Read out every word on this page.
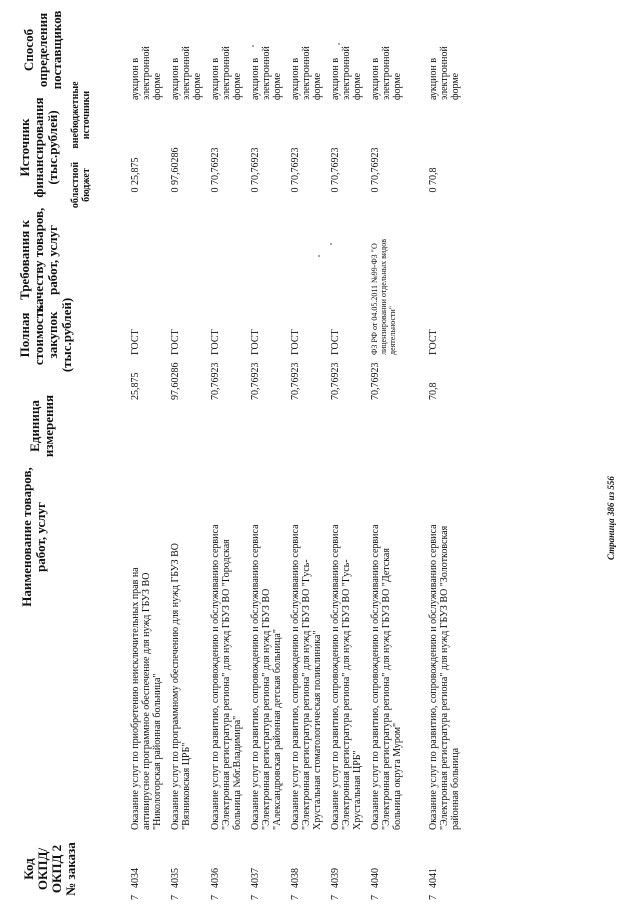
Код
ОКПД/
ОКПД 2
№ заказа
Наименование товаров,
работ, услуг
Единица
измерения
Полная
стоимость
закупок
(тыс.рублей)
Требования к
качеству товаров,
работ, услуг
Источник
финансирования
(тыс.рублей)
областной
бюджет
внебюджетные
источники
Способ
определения
поставщиков
7
4034
Оказание услуг по приобретению неисключительных прав на антивирусное программное обеспечение для нужд ГБУЗ ВО "Никологорская районная больница"
25,875
ГОСТ
0
25,875
аукцион в электронной форме
7
4035
Оказание услуг по программному обеспечению для нужд ГБУЗ ВО "Вязниковская ЦРБ"
97,60286
ГОСТ
0
97,60286
аукцион в электронной форме
7
4036
Оказание услуг по развитию, сопровождению и обслуживанию сервиса "Электронная регистратура региона" для нужд ГБУЗ ВО "Городская больница №6г.Владимира"
70,76923
ГОСТ
0
70,76923
аукцион в электронной форме
7
4037
Оказание услуг по развитию, сопровождению и обслуживанию сервиса "Электронная регистратура региона" для нужд ГБУЗ ВО "Александровская районная детская больница"
70,76923
ГОСТ
0
70,76923
аукцион в электронной форме
7
4038
Оказание услуг по развитию, сопровождению и обслуживанию сервиса "Электронная регистратура региона" для нужд ГБУЗ ВО "Гусь-Хрустальная стоматологическая поликлиника"
70,76923
ГОСТ
0
70,76923
аукцион в электронной форме
7
4039
Оказание услуг по развитию, сопровождению и обслуживанию сервиса "Электронная регистратура региона" для нужд ГБУЗ ВО "Гусь-Хрустальная ЦРБ"
70,76923
ГОСТ
0
70,76923
аукцион в электронной форме
7
4040
Оказание услуг по развитию, сопровождению и обслуживанию сервиса "Электронная регистратура региона" для нужд ГБУЗ ВО "Детская больница округа Муром"
70,76923
ФЗ РФ от 04.05.2011 №99-ФЗ "О лицензировании отдельных видов деятельности"
0
70,76923
аукцион в электронной форме
7
4041
Оказание услуг по развитию, сопровождению и обслуживанию сервиса "Электронная регистратура региона" для нужд ГБУЗ ВО "Золотковская районная больница
70,8
ГОСТ
0
70,8
аукцион в электронной форме
Страница 386 из 556
